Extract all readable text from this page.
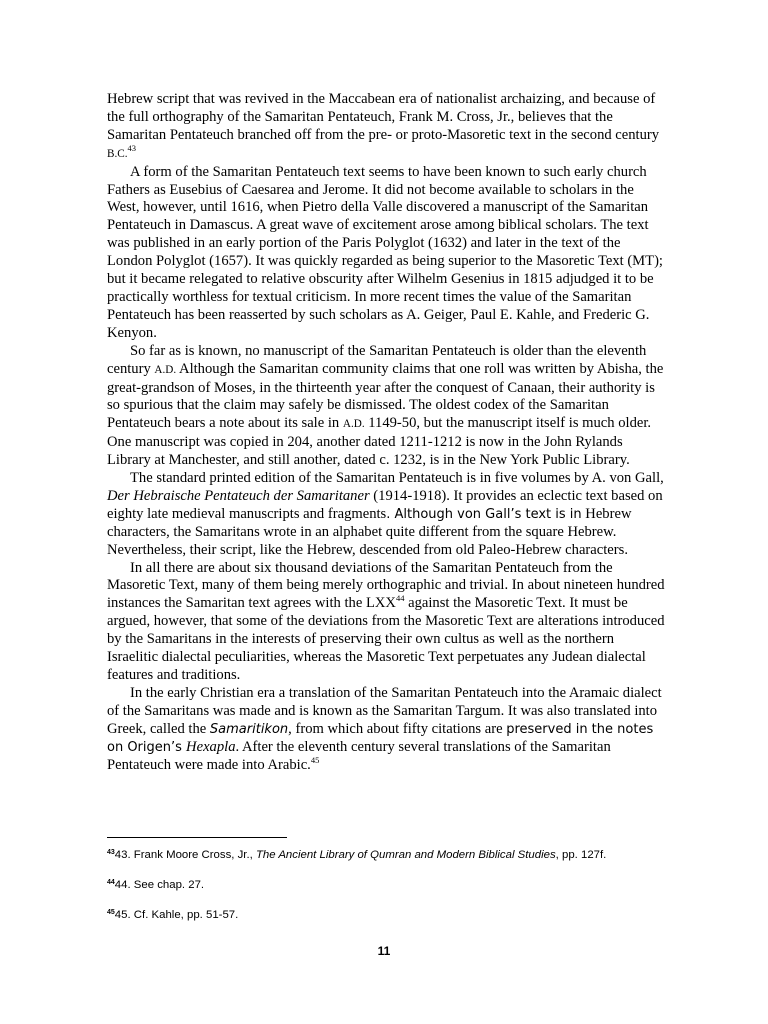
Hebrew script that was revived in the Maccabean era of nationalist archaizing, and because of the full orthography of the Samaritan Pentateuch, Frank M. Cross, Jr., believes that the Samaritan Pentateuch branched off from the pre- or proto-Masoretic text in the second century B.C.$^{43}$

A form of the Samaritan Pentateuch text seems to have been known to such early church Fathers as Eusebius of Caesarea and Jerome. It did not become available to scholars in the West, however, until 1616, when Pietro della Valle discovered a manuscript of the Samaritan Pentateuch in Damascus. A great wave of excitement arose among biblical scholars. The text was published in an early portion of the Paris Polyglot (1632) and later in the text of the London Polyglot (1657). It was quickly regarded as being superior to the Masoretic Text (MT); but it became relegated to relative obscurity after Wilhelm Gesenius in 1815 adjudged it to be practically worthless for textual criticism. In more recent times the value of the Samaritan Pentateuch has been reasserted by such scholars as A. Geiger, Paul E. Kahle, and Frederic G. Kenyon.

So far as is known, no manuscript of the Samaritan Pentateuch is older than the eleventh century A.D. Although the Samaritan community claims that one roll was written by Abisha, the great-grandson of Moses, in the thirteenth year after the conquest of Canaan, their authority is so spurious that the claim may safely be dismissed. The oldest codex of the Samaritan Pentateuch bears a note about its sale in A.D. 1149-50, but the manuscript itself is much older. One manuscript was copied in 204, another dated 1211-1212 is now in the John Rylands Library at Manchester, and still another, dated c. 1232, is in the New York Public Library.

The standard printed edition of the Samaritan Pentateuch is in five volumes by A. von Gall, Der Hebraische Pentateuch der Samaritaner (1914-1918). It provides an eclectic text based on eighty late medieval manuscripts and fragments. Although von Gall’s text is in Hebrew characters, the Samaritans wrote in an alphabet quite different from the square Hebrew. Nevertheless, their script, like the Hebrew, descended from old Paleo-Hebrew characters.

In all there are about six thousand deviations of the Samaritan Pentateuch from the Masoretic Text, many of them being merely orthographic and trivial. In about nineteen hundred instances the Samaritan text agrees with the LXX$^{44}$ against the Masoretic Text. It must be argued, however, that some of the deviations from the Masoretic Text are alterations introduced by the Samaritans in the interests of preserving their own cultus as well as the northern Israelitic dialectal peculiarities, whereas the Masoretic Text perpetuates any Judean dialectal features and traditions.

In the early Christian era a translation of the Samaritan Pentateuch into the Aramaic dialect of the Samaritans was made and is known as the Samaritan Targum. It was also translated into Greek, called the Samaritikon, from which about fifty citations are preserved in the notes on Origen’s Hexapla. After the eleventh century several translations of the Samaritan Pentateuch were made into Arabic.$^{45}$

$^{43}$43. Frank Moore Cross, Jr., The Ancient Library of Qumran and Modern Biblical Studies, pp. 127f.
$^{44}$44. See chap. 27.
$^{45}$45. Cf. Kahle, pp. 51-57.
11
